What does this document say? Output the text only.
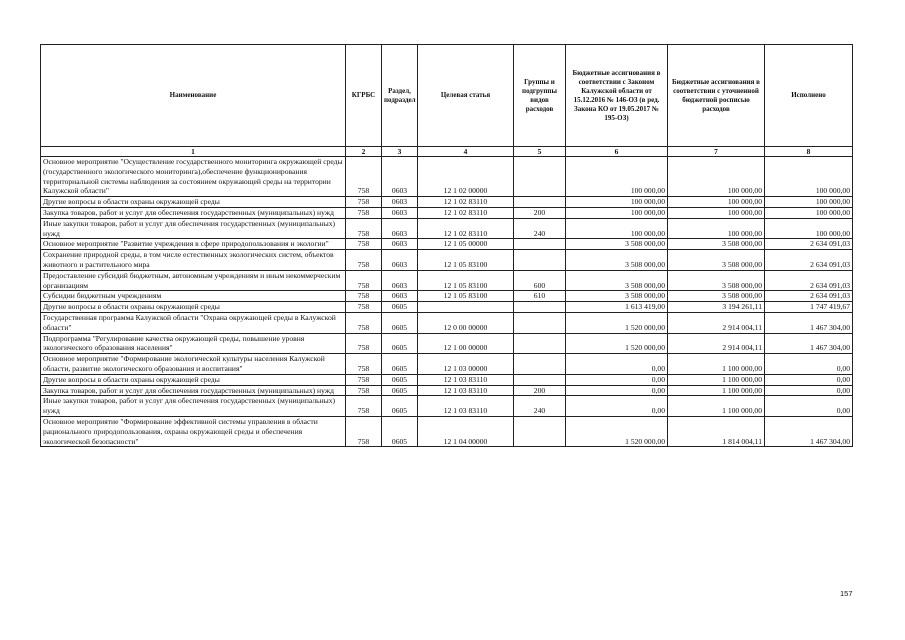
Наименование	КГРБС	Раздел, подраздел	Целевая статья	Группы и подгруппы видов расходов	Бюджетные ассигнования в соответствии с Законом Калужской области от 15.12.2016 № 146-ОЗ (в ред. Закона КО от 19.05.2017 № 195-ОЗ)	Бюджетные ассигнования в соответствии с уточненной бюджетной росписью расходов	Исполнено
1	2	3	4	5	6	7	8
Основное мероприятие "Осуществление государственного мониторинга окружающей среды (государственного экологического мониторинга),обеспечение функционирования территориальной системы наблюдения за состоянием окружающей среды на территории Калужской области"	758	0603	12 1 02 00000		100 000,00	100 000,00	100 000,00
Другие вопросы в области охраны окружающей среды	758	0603	12 1 02 83110		100 000,00	100 000,00	100 000,00
Закупка товаров, работ и услуг для обеспечения государственных (муниципальных) нужд	758	0603	12 1 02 83110	200	100 000,00	100 000,00	100 000,00
Иные закупки товаров, работ и услуг для обеспечения государственных (муниципальных) нужд	758	0603	12 1 02 83110	240	100 000,00	100 000,00	100 000,00
Основное мероприятие "Развитие учреждения в сфере природопользования и экологии"	758	0603	12 1 05 00000		3 508 000,00	3 508 000,00	2 634 091,03
Сохранение природной среды, в том числе естественных экологических систем, объектов животного и растительного мира	758	0603	12 1 05 83100		3 508 000,00	3 508 000,00	2 634 091,03
Предоставление субсидий бюджетным, автономным учреждениям и иным некоммерческим организациям	758	0603	12 1 05 83100	600	3 508 000,00	3 508 000,00	2 634 091,03
Субсидии бюджетным учреждениям	758	0603	12 1 05 83100	610	3 508 000,00	3 508 000,00	2 634 091,03
Другие вопросы в области охраны окружающей среды	758	0605			1 613 419,00	3 194 261,11	1 747 419,67
Государственная программа Калужской области "Охрана окружающей среды в Калужской области"	758	0605	12 0 00 00000		1 520 000,00	2 914 004,11	1 467 304,00
Подпрограмма "Регулирование качества окружающей среды, повышение уровня экологического образования населения"	758	0605	12 1 00 00000		1 520 000,00	2 914 004,11	1 467 304,00
Основное мероприятие "Формирование экологической культуры населения Калужской области, развитие экологического образования и воспитания"	758	0605	12 1 03 00000		0,00	1 100 000,00	0,00
Другие вопросы в области охраны окружающей среды	758	0605	12 1 03 83110		0,00	1 100 000,00	0,00
Закупка товаров, работ и услуг для обеспечения государственных (муниципальных) нужд	758	0605	12 1 03 83110	200	0,00	1 100 000,00	0,00
Иные закупки товаров, работ и услуг для обеспечения государственных (муниципальных) нужд	758	0605	12 1 03 83110	240	0,00	1 100 000,00	0,00
Основное мероприятие "Формирование эффективной системы управления в области рационального природопользования, охраны окружающей среды и обеспечения экологической безопасности"	758	0605	12 1 04 00000		1 520 000,00	1 814 004,11	1 467 304,00
157
